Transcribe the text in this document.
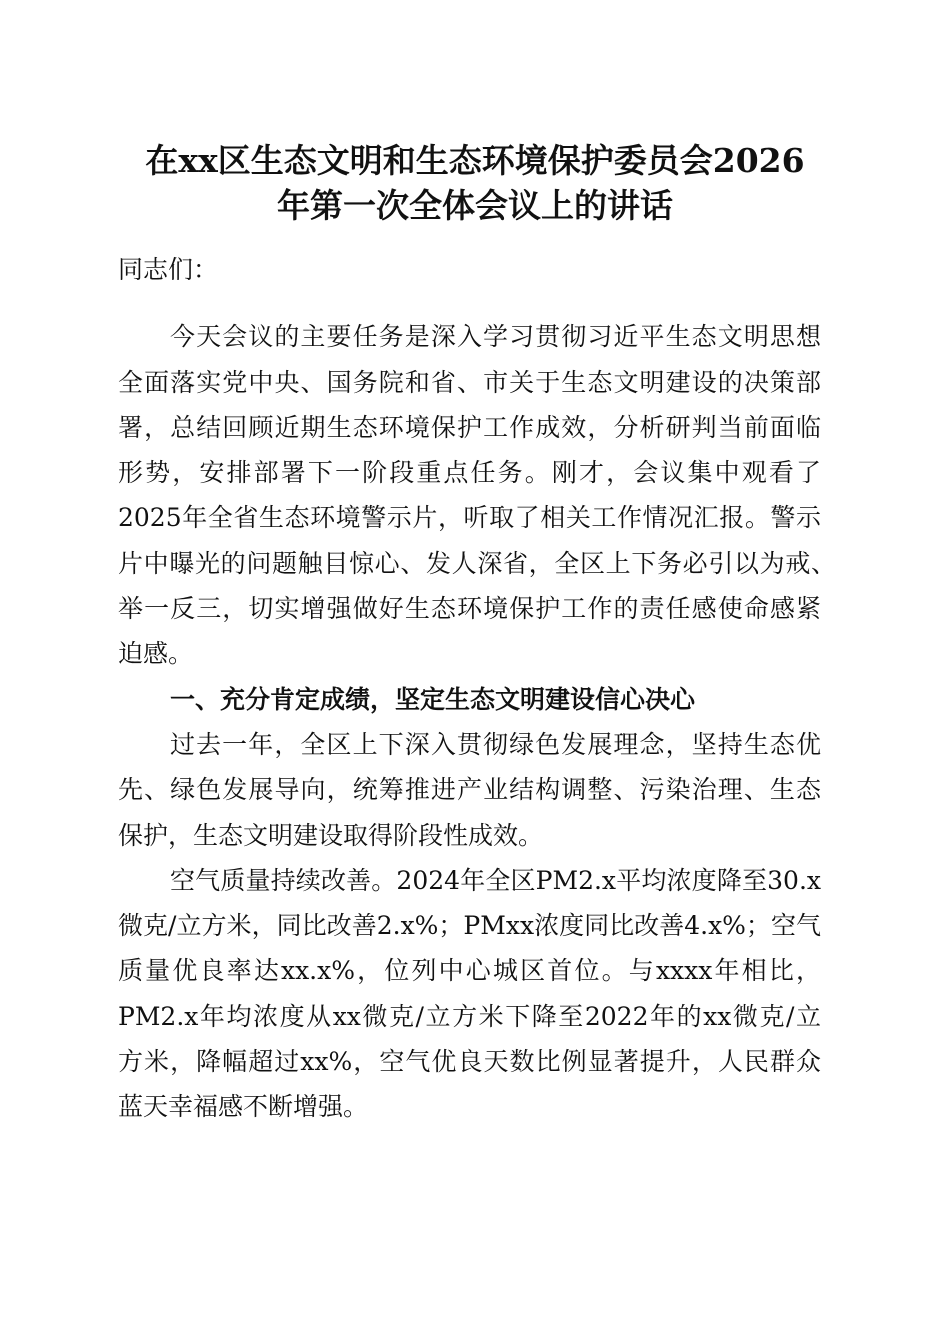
在xx区生态文明和生态环境保护委员会2026
年第一次全体会议上的讲话
同志们：
今天会议的主要任务是深入学习贯彻习近平生态文明思想
全面落实党中央、国务院和省、市关于生态文明建设的决策部
署，总结回顾近期生态环境保护工作成效，分析研判当前面临
形势，安排部署下一阶段重点任务。刚才，会议集中观看了
2025年全省生态环境警示片，听取了相关工作情况汇报。警示
片中曝光的问题触目惊心、发人深省，全区上下务必引以为戒、
举一反三，切实增强做好生态环境保护工作的责任感使命感紧
迫感。
一、充分肯定成绩，坚定生态文明建设信心决心
过去一年，全区上下深入贯彻绿色发展理念，坚持生态优
先、绿色发展导向，统筹推进产业结构调整、污染治理、生态
保护，生态文明建设取得阶段性成效。
空气质量持续改善。2024年全区PM2.x平均浓度降至30.x
微克/立方米，同比改善2.x%；PMxx浓度同比改善4.x%；空气
质量优良率达xx.x%，位列中心城区首位。与xxxx年相比，
PM2.x年均浓度从xx微克/立方米下降至2022年的xx微克/立
方米，降幅超过xx%，空气优良天数比例显著提升，人民群众
蓝天幸福感不断增强。
